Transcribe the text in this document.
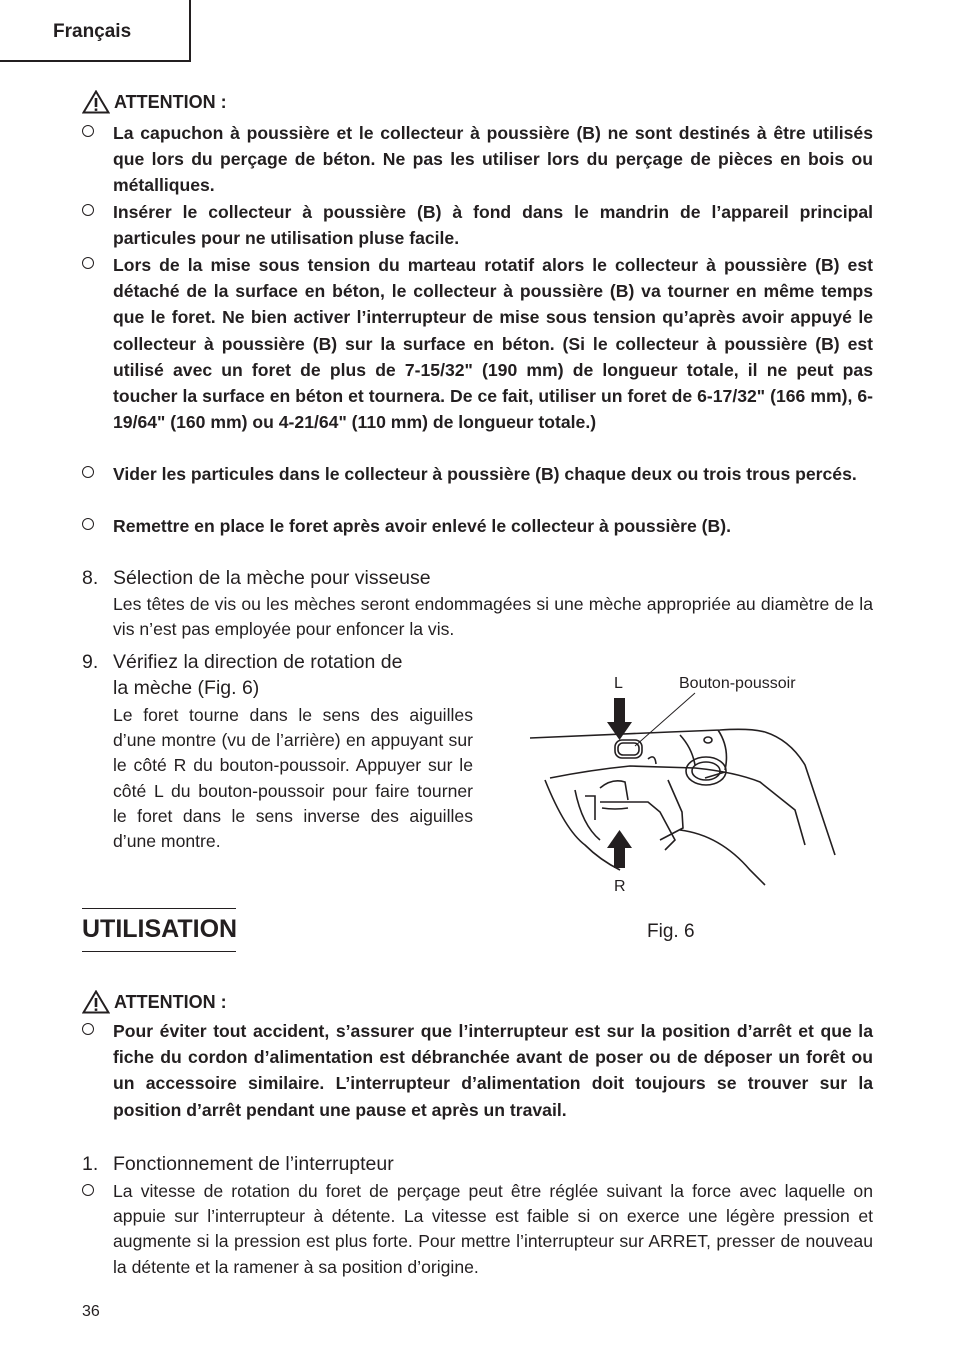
Français
ATTENTION :
La capuchon à poussière et le collecteur à poussière (B) ne sont destinés à être utilisés que lors du perçage de béton. Ne pas les utiliser lors du perçage de pièces en bois ou métalliques.
Insérer le collecteur à poussière (B) à fond dans le mandrin de l’appareil principal particules pour ne utilisation pluse facile.
Lors de la mise sous tension du marteau rotatif alors le collecteur à poussière (B) est détaché de la surface en béton, le collecteur à poussière (B) va tourner en même temps que le foret. Ne bien activer l’interrupteur de mise sous tension qu’après avoir appuyé le collecteur à poussière (B) sur la surface en béton. (Si le collecteur à poussière (B) est utilisé avec un foret de plus de 7-15/32" (190 mm) de longueur totale, il ne peut pas toucher la surface en béton et tournera. De ce fait, utiliser un foret de 6-17/32" (166 mm), 6-19/64" (160 mm) ou 4-21/64" (110 mm) de longueur totale.)
Vider les particules dans le collecteur à poussière (B) chaque deux ou trois trous percés.
Remettre en place le foret après avoir enlevé le collecteur à poussière (B).
8. Sélection de la mèche pour visseuse
Les têtes de vis ou les mèches seront endommagées si une mèche appropriée au diamètre de la vis n’est pas employée pour enfoncer la vis.
9. Vérifiez la direction de rotation de
la mèche (Fig. 6)
Le foret tourne dans le sens des aiguilles d’une montre (vu de l’arrière) en appuyant sur le côté R du bouton-poussoir. Appuyer sur le côté L du bouton-poussoir pour faire tourner le foret dans le sens inverse des aiguilles d’une montre.
L	Bouton-poussoir
R
Fig. 6
UTILISATION
ATTENTION :
Pour éviter tout accident, s’assurer que l’interrupteur est sur la position d’arrêt et que la fiche du cordon d’alimentation est débranchée avant de poser ou de déposer un forêt ou un accessoire similaire. L’interrupteur d’alimentation doit toujours se trouver sur la position d’arrêt pendant une pause et après un travail.
1. Fonctionnement de l’interrupteur
La vitesse de rotation du foret de perçage peut être réglée suivant la force avec laquelle on appuie sur l’interrupteur à détente. La vitesse est faible si on exerce une légère pression et augmente si la pression est plus forte. Pour mettre l’interrupteur sur ARRET, presser de nouveau la détente et la ramener à sa position d’origine.
36
